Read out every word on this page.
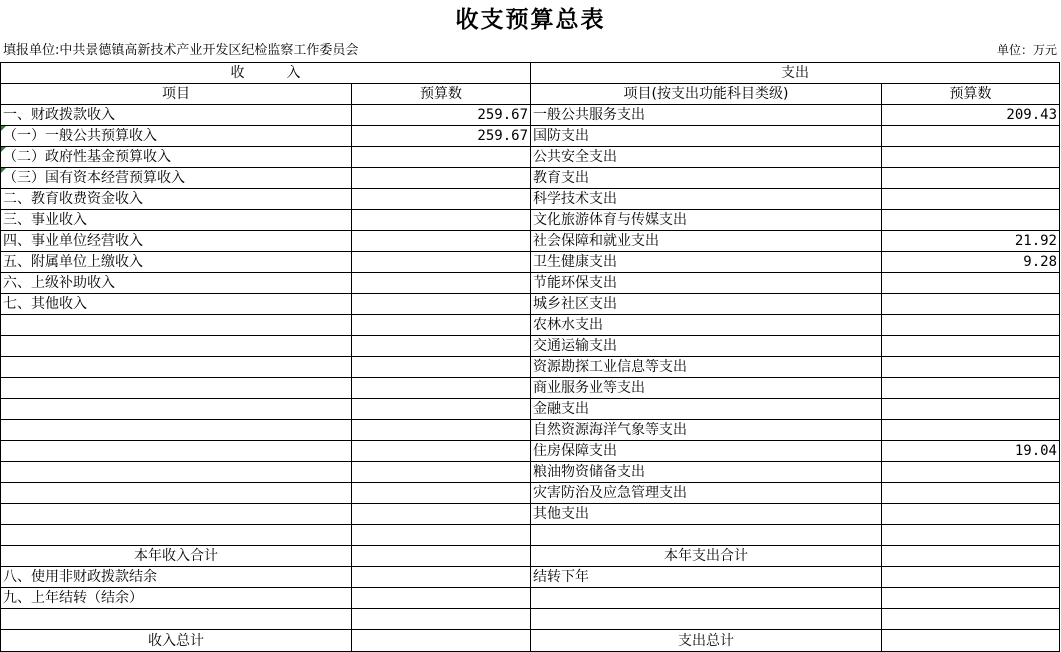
收支预算总表
填报单位:中共景德镇高新技术产业开发区纪检监察工作委员会	单位：万元
收　　　入		支出	
项目	预算数	项目(按支出功能科目类级)	预算数
一、财政拨款收入	259.67	一般公共服务支出	209.43
（一）一般公共预算收入	259.67	国防支出	
（二）政府性基金预算收入		公共安全支出	
（三）国有资本经营预算收入		教育支出	
二、教育收费资金收入		科学技术支出	
三、事业收入		文化旅游体育与传媒支出	
四、事业单位经营收入		社会保障和就业支出	21.92
五、附属单位上缴收入		卫生健康支出	9.28
六、上级补助收入		节能环保支出	
七、其他收入		城乡社区支出	
		农林水支出	
		交通运输支出	
		资源勘探工业信息等支出	
		商业服务业等支出	
		金融支出	
		自然资源海洋气象等支出	
		住房保障支出	19.04
		粮油物资储备支出	
		灾害防治及应急管理支出	
		其他支出	

本年收入合计		本年支出合计	
八、使用非财政拨款结余		结转下年	
九、上年结转（结余）			

收入总计		支出总计	
